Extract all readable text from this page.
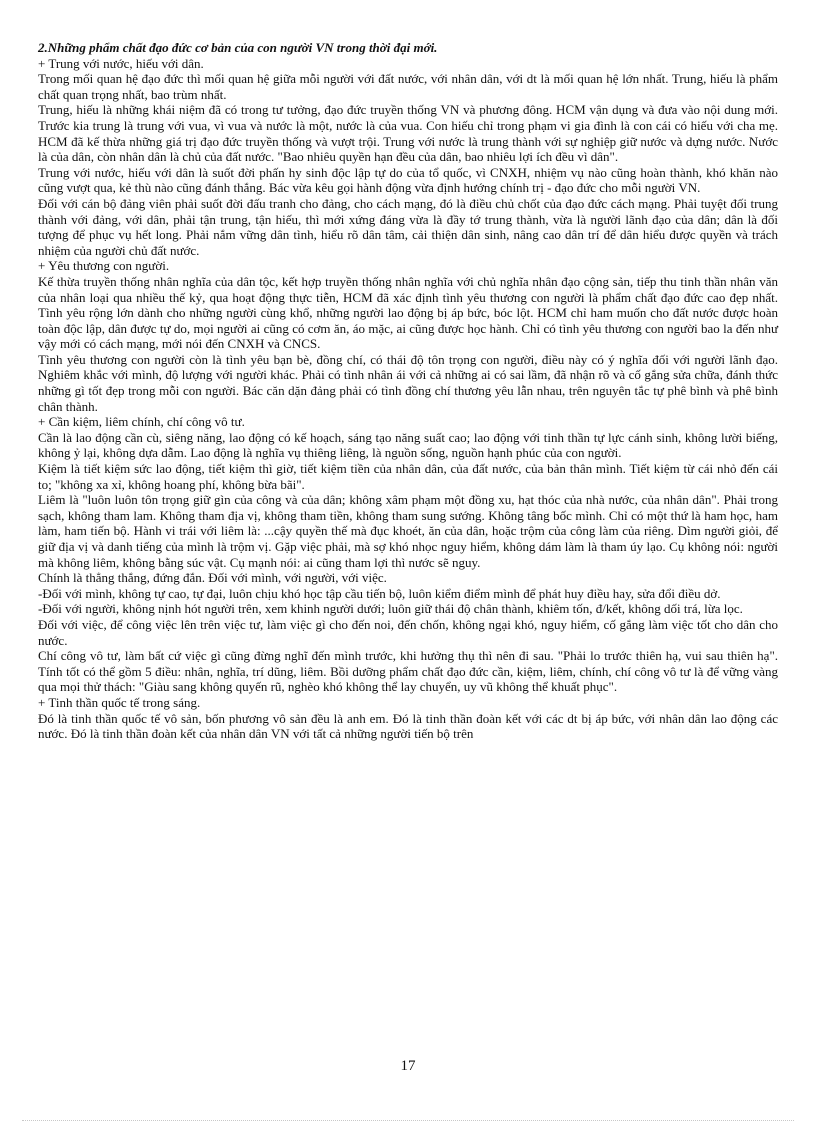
2.Những phẩm chất đạo đức cơ bản của con người VN trong thời đại mới.

+ Trung với nước, hiếu với dân.

Trong mối quan hệ đạo đức thì mối quan hệ giữa mỗi người với đất nước, với nhân dân, với dt là mối quan hệ lớn nhất. Trung, hiếu là phẩm chất quan trọng nhất, bao trùm nhất.

Trung, hiếu là những khái niệm đã có trong tư tưởng, đạo đức truyền thống VN và phương đông. HCM vận dụng và đưa vào nội dung mới. Trước kia trung là trung với vua, vì vua và nước là một, nước là của vua. Con hiếu chỉ trong phạm vi gia đình là con cái có hiếu với cha mẹ. HCM đã kế thừa những giá trị đạo đức truyền thống và vượt trội. Trung với nước là trung thành với sự nghiệp giữ nước và dựng nước. Nước là của dân, còn nhân dân là chủ của đất nước. "Bao nhiêu quyền hạn đều của dân, bao nhiêu lợi ích đều vì dân".

Trung với nước, hiếu với dân là suốt đời phấn hy sinh độc lập tự do của tổ quốc, vì CNXH, nhiệm vụ nào cũng hoàn thành, khó khăn nào cũng vượt qua, kẻ thù nào cũng đánh thắng. Bác vừa kêu gọi hành động vừa định hướng chính trị - đạo đức cho mỗi người VN.

Đối với cán bộ đảng viên phải suốt đời đấu tranh cho đảng, cho cách mạng, đó là điều chủ chốt của đạo đức cách mạng. Phải tuyệt đối trung thành với đảng, với dân, phải tận trung, tận hiếu, thì mới xứng đáng vừa là đầy tớ trung thành, vừa là người lãnh đạo của dân; dân là đối tượng để phục vụ hết long. Phải nắm vững dân tình, hiểu rõ dân tâm, cải thiện dân sinh, nâng cao dân trí để dân hiểu được quyền và trách nhiệm của người chủ đất nước.

+ Yêu thương con người.

Kế thừa truyền thống nhân nghĩa của dân tộc, kết hợp truyền thống nhân nghĩa với chủ nghĩa nhân đạo cộng sản, tiếp thu tinh thần nhân văn của nhân loại qua nhiều thế kỷ, qua hoạt động thực tiễn, HCM đã xác định tình yêu thương con người là phẩm chất đạo đức cao đẹp nhất. Tình yêu rộng lớn dành cho những người cùng khổ, những người lao động bị áp bức, bóc lột. HCM chỉ ham muốn cho đất nước được hoàn toàn độc lập, dân được tự do, mọi người ai cũng có cơm ăn, áo mặc, ai cũng được học hành. Chỉ có tình yêu thương con người bao la đến như vậy mới có cách mạng, mới nói đến CNXH và CNCS.

Tình yêu thương con người còn là tình yêu bạn bè, đồng chí, có thái độ tôn trọng con người, điều này có ý nghĩa đối với người lãnh đạo. Nghiêm khắc với mình, độ lượng với người khác. Phải có tình nhân ái với cả những ai có sai lầm, đã nhận rõ và cố gắng sửa chữa, đánh thức những gì tốt đẹp trong mỗi con người. Bác căn dặn đảng phải có tình đồng chí thương yêu lẫn nhau, trên nguyên tắc tự phê bình và phê bình chân thành.

+ Cần kiệm, liêm chính, chí công vô tư.

Cần là lao động cần cù, siêng năng, lao động có kế hoạch, sáng tạo năng suất cao; lao động với tinh thần tự lực cánh sinh, không lười biếng, không ỷ lại, không dựa dẫm. Lao động là nghĩa vụ thiêng liêng, là nguồn sống, nguồn hạnh phúc của con người.

Kiệm là tiết kiệm sức lao động, tiết kiệm thì giờ, tiết kiệm tiền của nhân dân, của đất nước, của bản thân mình. Tiết kiệm từ cái nhỏ đến cái to; "không xa xỉ, không hoang phí, không bừa bãi".

Liêm là "luôn luôn tôn trọng giữ gìn của công và của dân; không xâm phạm một đồng xu, hạt thóc của nhà nước, của nhân dân". Phải trong sạch, không tham lam. Không tham địa vị, không tham tiền, không tham sung sướng. Không tâng bốc mình. Chỉ có một thứ là ham học, ham làm, ham tiến bộ. Hành vi trái với liêm là: ...cậy quyền thế mà đục khoét, ăn của dân, hoặc trộm của công làm của riêng. Dìm người giỏi, để giữ địa vị và danh tiếng của mình là trộm vị. Gặp việc phải, mà sợ khó nhọc nguy hiểm, không dám làm là tham úy lạo. Cụ không nói: người mà không liêm, không bằng súc vật. Cụ mạnh nói: ai cũng tham lợi thì nước sẽ nguy.

Chính là thẳng thắng, đứng đắn. Đối với mình, với người, với việc.

-Đối với mình, không tự cao, tự đại, luôn chịu khó học tập cầu tiến bộ, luôn kiểm điểm mình để phát huy điều hay, sửa đổi điều dở.

-Đối với người, không nịnh hót người trên, xem khinh người dưới; luôn giữ thái độ chân thành, khiêm tốn, đ/kết, không dối trá, lừa lọc.

Đối với việc, để công việc lên trên việc tư, làm việc gì cho đến noi, đến chốn, không ngại khó, nguy hiểm, cố gắng làm việc tốt cho dân cho nước.

Chí công vô tư, làm bất cứ việc gì cũng đừng nghĩ đến mình trước, khi hưởng thụ thì nên đi sau. "Phải lo trước thiên hạ, vui sau thiên hạ". Tính tốt có thể gồm 5 điều: nhân, nghĩa, trí dũng, liêm. Bồi dưỡng phẩm chất đạo đức cần, kiệm, liêm, chính, chí công vô tư là để vững vàng qua mọi thử thách: "Giàu sang không quyến rũ, nghèo khó không thể lay chuyển, uy vũ không thể khuất phục".

+ Tinh thần quốc tế trong sáng.

Đó là tinh thần quốc tế vô sản, bốn phương vô sản đều là anh em. Đó là tinh thần đoàn kết với các dt bị áp bức, với nhân dân lao động các nước. Đó là tinh thần đoàn kết của nhân dân VN với tất cả những người tiến bộ trên

17
